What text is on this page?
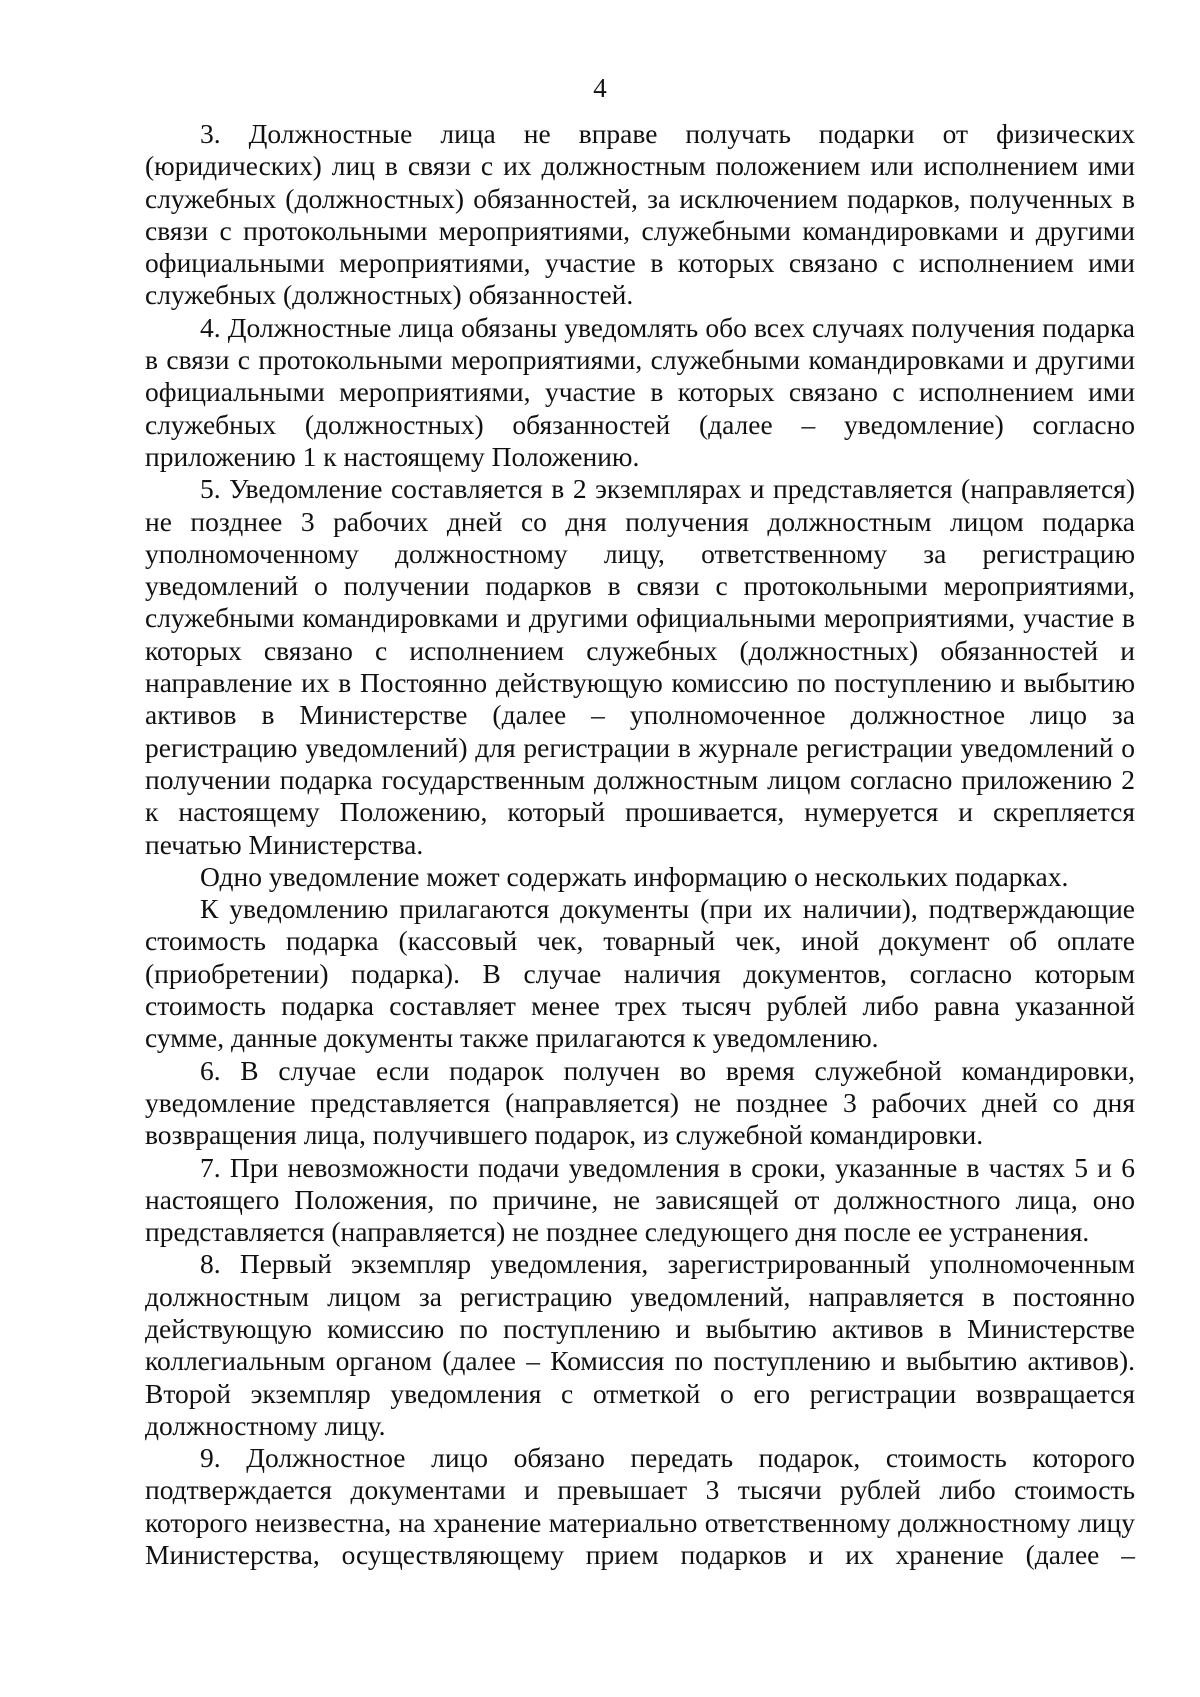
4

3. Должностные лица не вправе получать подарки от физических (юридических) лиц в связи с их должностным положением или исполнением ими служебных (должностных) обязанностей, за исключением подарков, полученных в связи с протокольными мероприятиями, служебными командировками и другими официальными мероприятиями, участие в которых связано с исполнением ими служебных (должностных) обязанностей.

4. Должностные лица обязаны уведомлять обо всех случаях получения подарка в связи с протокольными мероприятиями, служебными командировками и другими официальными мероприятиями, участие в которых связано с исполнением ими служебных (должностных) обязанностей (далее – уведомление) согласно приложению 1 к настоящему Положению.

5. Уведомление составляется в 2 экземплярах и представляется (направляется) не позднее 3 рабочих дней со дня получения должностным лицом подарка уполномоченному должностному лицу, ответственному за регистрацию уведомлений о получении подарков в связи с протокольными мероприятиями, служебными командировками и другими официальными мероприятиями, участие в которых связано с исполнением служебных (должностных) обязанностей и направление их в Постоянно действующую комиссию по поступлению и выбытию активов в Министерстве (далее – уполномоченное должностное лицо за регистрацию уведомлений) для регистрации в журнале регистрации уведомлений о получении подарка государственным должностным лицом согласно приложению 2 к настоящему Положению, который прошивается, нумеруется и скрепляется печатью Министерства.

Одно уведомление может содержать информацию о нескольких подарках.

К уведомлению прилагаются документы (при их наличии), подтверждающие стоимость подарка (кассовый чек, товарный чек, иной документ об оплате (приобретении) подарка). В случае наличия документов, согласно которым стоимость подарка составляет менее трех тысяч рублей либо равна указанной сумме, данные документы также прилагаются к уведомлению.

6. В случае если подарок получен во время служебной командировки, уведомление представляется (направляется) не позднее 3 рабочих дней со дня возвращения лица, получившего подарок, из служебной командировки.

7. При невозможности подачи уведомления в сроки, указанные в частях 5 и 6 настоящего Положения, по причине, не зависящей от должностного лица, оно представляется (направляется) не позднее следующего дня после ее устранения.

8. Первый экземпляр уведомления, зарегистрированный уполномоченным должностным лицом за регистрацию уведомлений, направляется в постоянно действующую комиссию по поступлению и выбытию активов в Министерстве коллегиальным органом (далее – Комиссия по поступлению и выбытию активов). Второй экземпляр уведомления с отметкой о его регистрации возвращается должностному лицу.

9. Должностное лицо обязано передать подарок, стоимость которого подтверждается документами и превышает 3 тысячи рублей либо стоимость которого неизвестна, на хранение материально ответственному должностному лицу Министерства, осуществляющему прием подарков и их хранение (далее –
